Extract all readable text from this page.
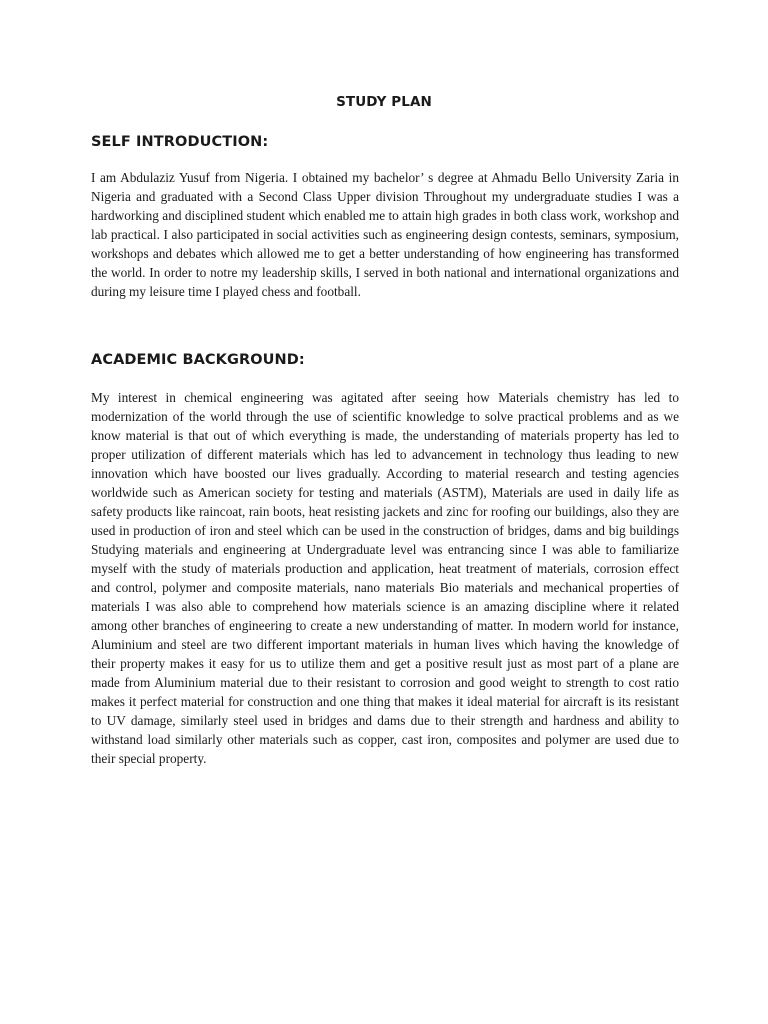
STUDY PLAN
SELF INTRODUCTION:

I am Abdulaziz Yusuf from Nigeria. I obtained my bachelor’ s degree at Ahmadu Bello University Zaria in Nigeria and graduated with a Second Class Upper division Throughout my undergraduate studies I was a hardworking and disciplined student which enabled me to attain high grades in both class work, workshop and lab practical. I also participated in social activities such as engineering design contests, seminars, symposium, workshops and debates which allowed me to get a better understanding of how engineering has transformed the world. In order to notre my leadership skills, I served in both national and international organizations and during my leisure time I played chess and football.

ACADEMIC BACKGROUND:

My interest in chemical engineering was agitated after seeing how Materials chemistry has led to modernization of the world through the use of scientific knowledge to solve practical problems and as we know material is that out of which everything is made, the understanding of materials property has led to proper utilization of different materials which has led to advancement in technology thus leading to new innovation which have boosted our lives gradually. According to material research and testing agencies worldwide such as American society for testing and materials (ASTM), Materials are used in daily life as safety products like raincoat, rain boots, heat resisting jackets and zinc for roofing our buildings, also they are used in production of iron and steel which can be used in the construction of bridges, dams and big buildings Studying materials and engineering at Undergraduate level was entrancing since I was able to familiarize myself with the study of materials production and application, heat treatment of materials, corrosion effect and control, polymer and composite materials, nano materials Bio materials and mechanical properties of materials I was also able to comprehend how materials science is an amazing discipline where it related among other branches of engineering to create a new understanding of matter. In modern world for instance, Aluminium and steel are two different important materials in human lives which having the knowledge of their property makes it easy for us to utilize them and get a positive result just as most part of a plane are made from Aluminium material due to their resistant to corrosion and good weight to strength to cost ratio makes it perfect material for construction and one thing that makes it ideal material for aircraft is its resistant to UV damage, similarly steel used in bridges and dams due to their strength and hardness and ability to withstand load similarly other materials such as copper, cast iron, composites and polymer are used due to their special property.
